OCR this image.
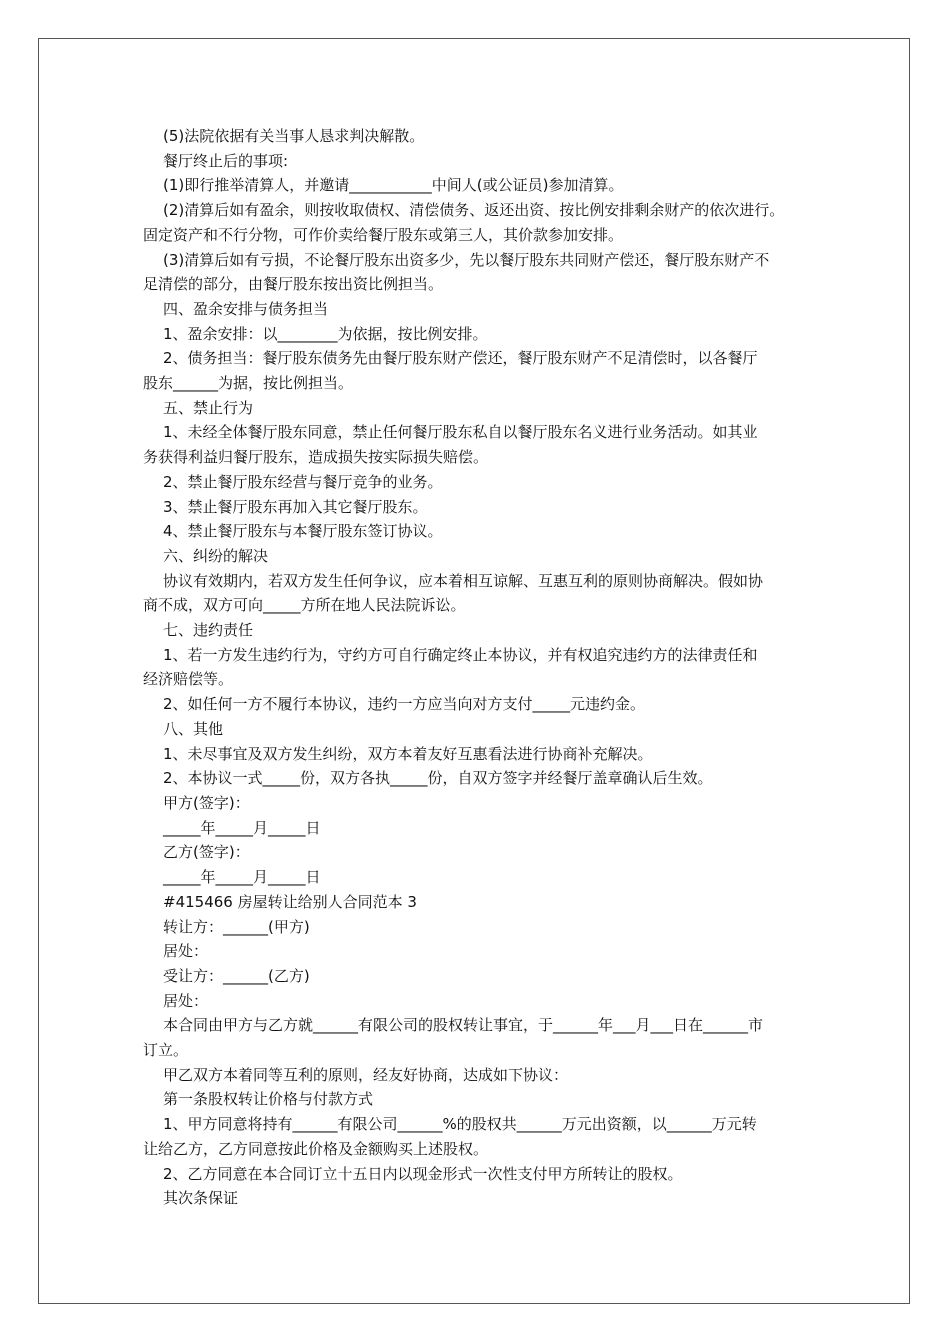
(5)法院依据有关当事人恳求判决解散。
餐厅终止后的事项:
(1)即行推举清算人，并邀请___________中间人(或公证员)参加清算。
(2)清算后如有盈余，则按收取债权、清偿债务、返还出资、按比例安排剩余财产的依次进行。
固定资产和不行分物，可作价卖给餐厅股东或第三人，其价款参加安排。
(3)清算后如有亏损，不论餐厅股东出资多少，先以餐厅股东共同财产偿还，餐厅股东财产不
足清偿的部分，由餐厅股东按出资比例担当。
四、盈余安排与债务担当
1、盈余安排：以________为依据，按比例安排。
2、债务担当：餐厅股东债务先由餐厅股东财产偿还，餐厅股东财产不足清偿时，以各餐厅
股东______为据，按比例担当。
五、禁止行为
1、未经全体餐厅股东同意，禁止任何餐厅股东私自以餐厅股东名义进行业务活动。如其业
务获得利益归餐厅股东，造成损失按实际损失赔偿。
2、禁止餐厅股东经营与餐厅竞争的业务。
3、禁止餐厅股东再加入其它餐厅股东。
4、禁止餐厅股东与本餐厅股东签订协议。
六、纠纷的解决
协议有效期内，若双方发生任何争议，应本着相互谅解、互惠互利的原则协商解决。假如协
商不成，双方可向_____方所在地人民法院诉讼。
七、违约责任
1、若一方发生违约行为，守约方可自行确定终止本协议，并有权追究违约方的法律责任和
经济赔偿等。
2、如任何一方不履行本协议，违约一方应当向对方支付_____元违约金。
八、其他
1、未尽事宜及双方发生纠纷，双方本着友好互惠看法进行协商补充解决。
2、本协议一式_____份，双方各执_____份，自双方签字并经餐厅盖章确认后生效。
甲方(签字)：
_____年_____月_____日
乙方(签字)：
_____年_____月_____日
#415466 房屋转让给别人合同范本 3
转让方：______(甲方)
居处：
受让方：______(乙方)
居处：
本合同由甲方与乙方就______有限公司的股权转让事宜，于______年___月___日在______市
订立。
甲乙双方本着同等互利的原则，经友好协商，达成如下协议：
第一条股权转让价格与付款方式
1、甲方同意将持有______有限公司______%的股权共______万元出资额，以______万元转
让给乙方，乙方同意按此价格及金额购买上述股权。
2、乙方同意在本合同订立十五日内以现金形式一次性支付甲方所转让的股权。
其次条保证
